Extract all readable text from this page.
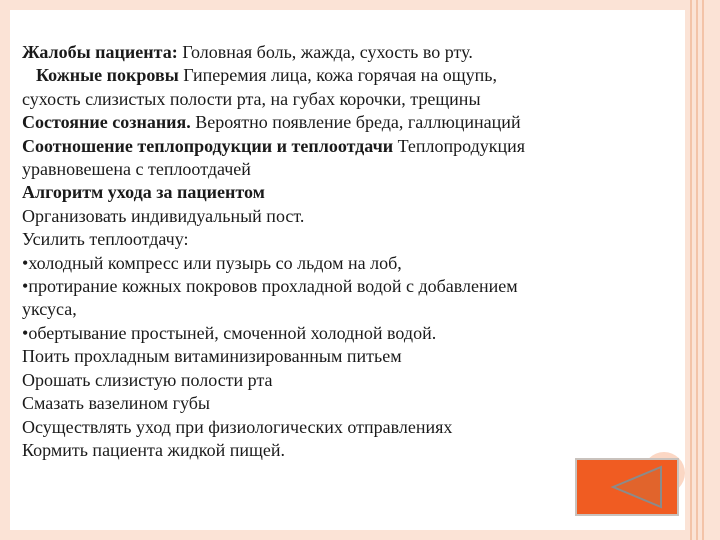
Жалобы пациента: Головная боль, жажда, сухость во рту.
Кожные покровы Гиперемия лица, кожа горячая на ощупь,
сухость слизистых полости рта, на губах корочки, трещины
Состояние сознания. Вероятно появление бреда, галлюцинаций
Соотношение теплопродукции и теплоотдачи Теплопродукция
уравновешена с теплоотдачей
Алгоритм ухода за пациентом
Организовать индивидуальный пост.
Усилить теплоотдачу:
• холодный компресс или пузырь со льдом на лоб,
• протирание кожных покровов прохладной водой с добавлением
уксуса,
• обертывание простыней, смоченной холодной водой.
Поить прохладным витаминизированным питьем
Орошать слизистую полости рта
Смазать вазелином губы
Осуществлять уход при физиологических отправлениях
Кормить пациента жидкой пищей.
